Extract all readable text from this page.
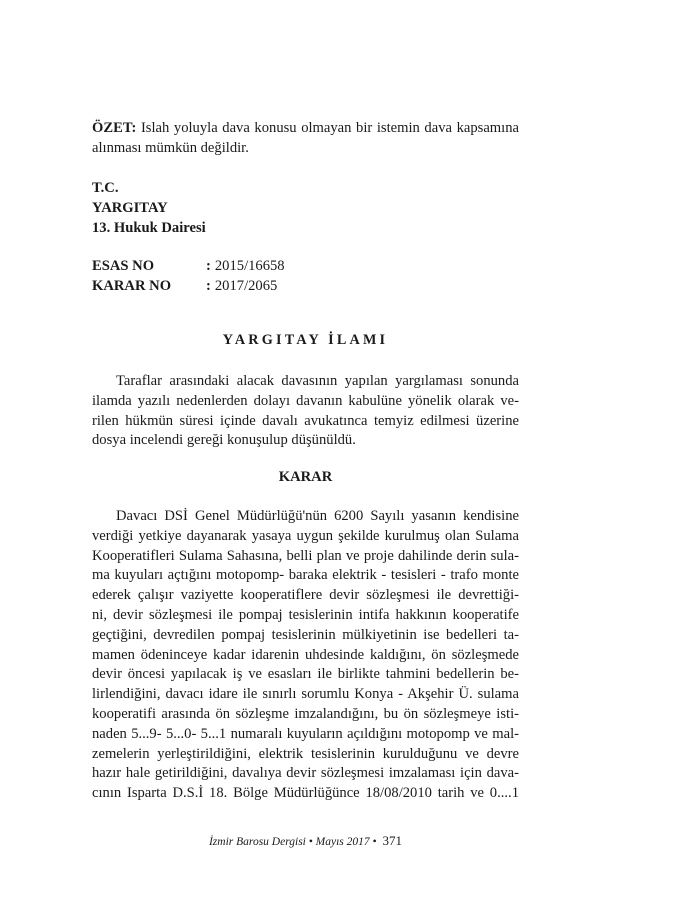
ÖZET: Islah yoluyla dava konusu olmayan bir istemin dava kapsamına
alınması mümkün değildir.
T.C.
YARGITAY
13. Hukuk Dairesi
ESAS NO	: 2015/16658
KARAR NO	: 2017/2065
YARGITAY İLAMI
Taraflar arasındaki alacak davasının yapılan yargılaması sonunda
ilamda yazılı nedenlerden dolayı davanın kabulüne yönelik olarak ve-
rilen hükmün süresi içinde davalı avukatınca temyiz edilmesi üzerine
dosya incelendi gereği konuşulup düşünüldü.
KARAR
Davacı DSİ Genel Müdürlüğü'nün 6200 Sayılı yasanın kendisine
verdiği yetkiye dayanarak yasaya uygun şekilde kurulmuş olan Sulama
Kooperatifleri Sulama Sahasına, belli plan ve proje dahilinde derin sula-
ma kuyuları açtığını motopomp- baraka elektrik - tesisleri - trafo monte
ederek çalışır vaziyette kooperatiflere devir sözleşmesi ile devrettiği-
ni, devir sözleşmesi ile pompaj tesislerinin intifa hakkının kooperatife
geçtiğini, devredilen pompaj tesislerinin mülkiyetinin ise bedelleri ta-
mamen ödeninceye kadar idarenin uhdesinde kaldığını, ön sözleşmede
devir öncesi yapılacak iş ve esasları ile birlikte tahmini bedellerin be-
lirlendiğini, davacı idare ile sınırlı sorumlu Konya - Akşehir Ü. sulama
kooperatifi arasında ön sözleşme imzalandığını, bu ön sözleşmeye isti-
naden 5...9- 5...0- 5...1 numaralı kuyuların açıldığını motopomp ve mal-
zemelerin yerleştirildiğini, elektrik tesislerinin kurulduğunu ve devre
hazır hale getirildiğini, davalıya devir sözleşmesi imzalaması için dava-
cının Isparta D.S.İ 18. Bölge Müdürlüğünce 18/08/2010 tarih ve 0....1
İzmir Barosu Dergisi • Mayıs 2017 • 371
